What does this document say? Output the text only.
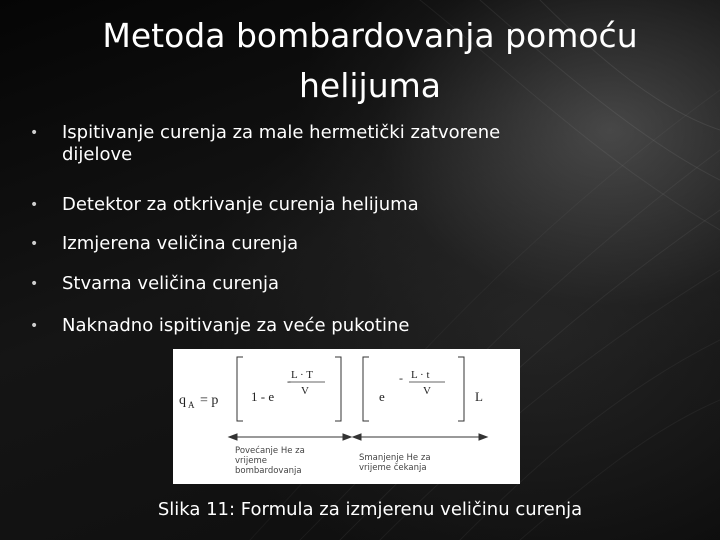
Metoda bombardovanja pomoću
helijuma
• Ispitivanje curenja za male hermetički zatvorene
dijelove
• Detektor za otkrivanje curenja helijuma
• Izmjerena veličina curenja
• Stvarna veličina curenja
• Naknadno ispitivanje za veće pukotine
q A = p	1 - e
- L · T
V	e
- L · t
V	L
Povećanje He za
vrijeme
bombardovanja
Smanjenje He za
vrijeme čekanja

Slika 11: Formula za izmjerenu veličinu curenja
